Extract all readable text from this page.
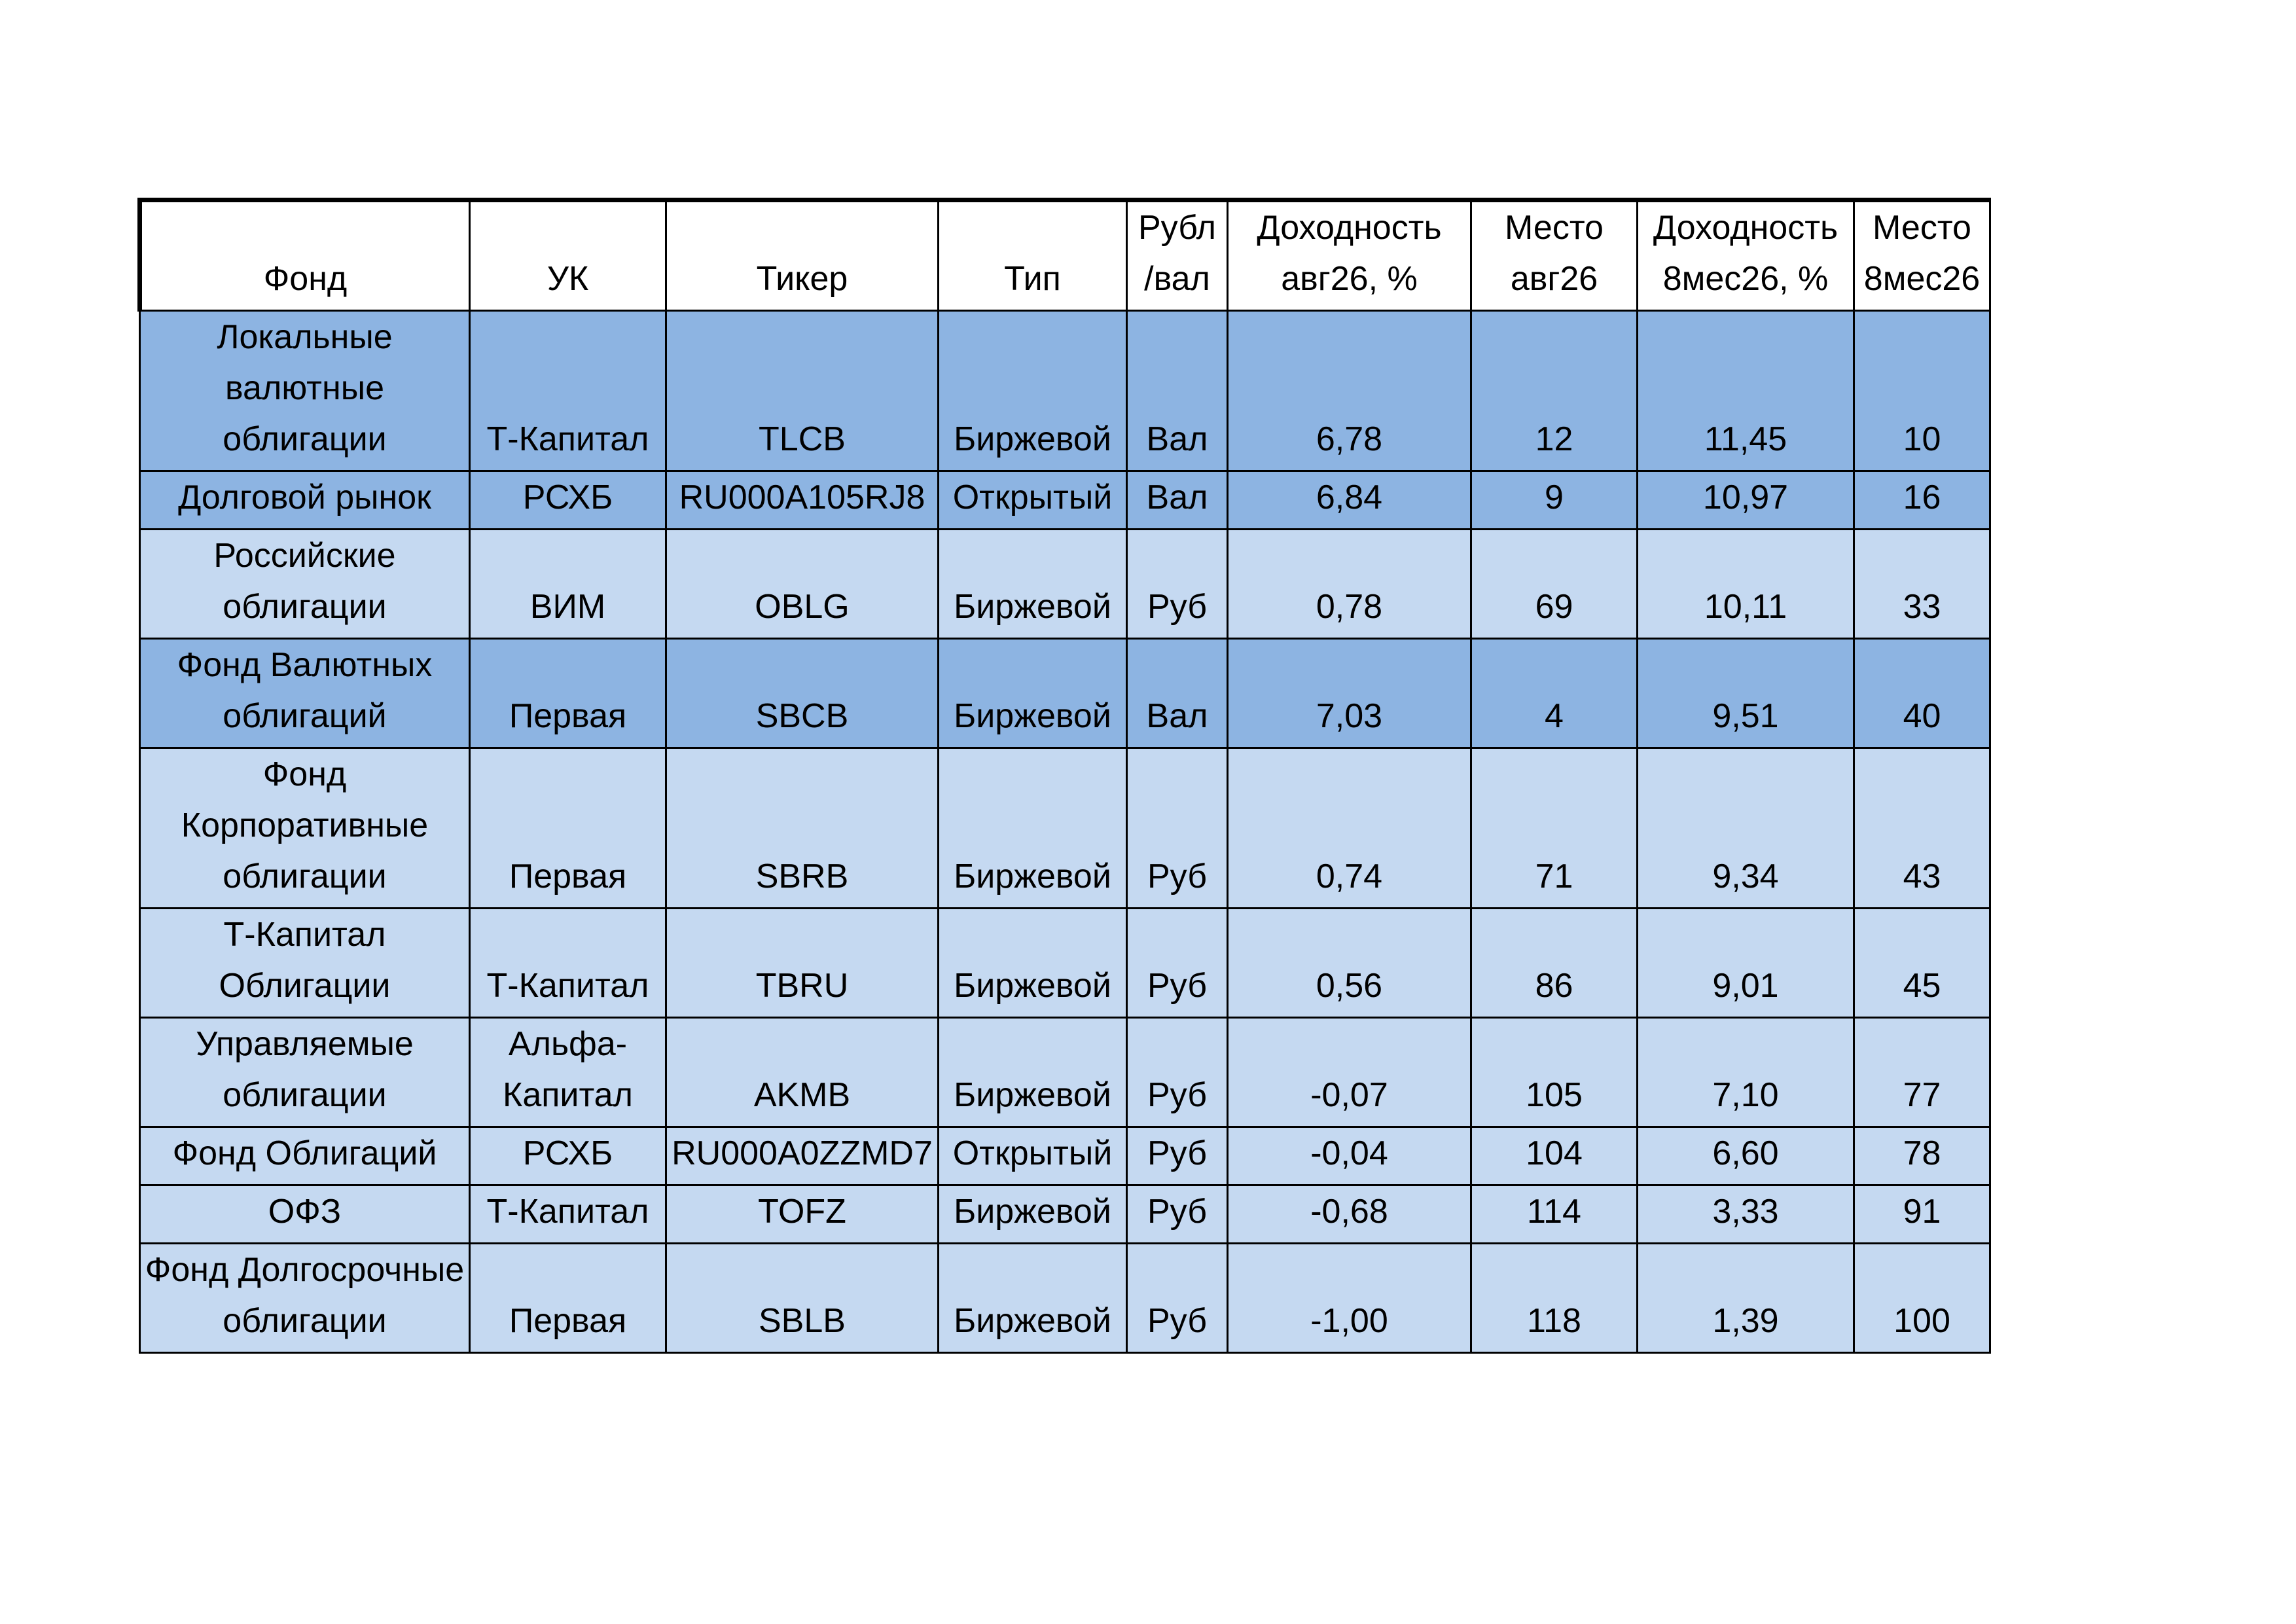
Фонд	УК	Тикер	Тип	Рубл /вал	Доходность авг26, %	Место авг26	Доходность 8мес26, %	Место 8мес26
Локальные валютные облигации	Т-Капитал	TLCB	Биржевой	Вал	6,78	12	11,45	10
Долговой рынок	РСХБ	RU000A105RJ8	Открытый	Вал	6,84	9	10,97	16
Российские облигации	ВИМ	OBLG	Биржевой	Руб	0,78	69	10,11	33
Фонд Валютных облигаций	Первая	SBCB	Биржевой	Вал	7,03	4	9,51	40
Фонд Корпоративные облигации	Первая	SBRB	Биржевой	Руб	0,74	71	9,34	43
Т-Капитал Облигации	Т-Капитал	TBRU	Биржевой	Руб	0,56	86	9,01	45
Управляемые облигации	Альфа-Капитал	AKMB	Биржевой	Руб	-0,07	105	7,10	77
Фонд Облигаций	РСХБ	RU000A0ZZMD7	Открытый	Руб	-0,04	104	6,60	78
ОФЗ	Т-Капитал	TOFZ	Биржевой	Руб	-0,68	114	3,33	91
Фонд Долгосрочные облигации	Первая	SBLB	Биржевой	Руб	-1,00	118	1,39	100
